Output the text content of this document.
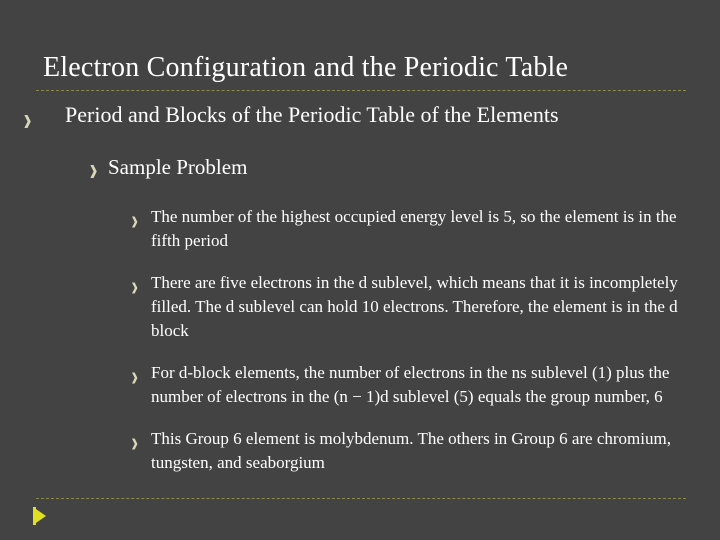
Electron Configuration and the Periodic Table
❱ Period and Blocks of the Periodic Table of the Elements
❱ Sample Problem
❱ The number of the highest occupied energy level is 5, so the element is in the fifth period
❱ There are five electrons in the d sublevel, which means that it is incompletely filled. The d sublevel can hold 10 electrons. Therefore, the element is in the d block
❱ For d-block elements, the number of electrons in the ns sublevel (1) plus the number of electrons in the (n − 1)d sublevel (5) equals the group number, 6
❱ This Group 6 element is molybdenum. The others in Group 6 are chromium, tungsten, and seaborgium
